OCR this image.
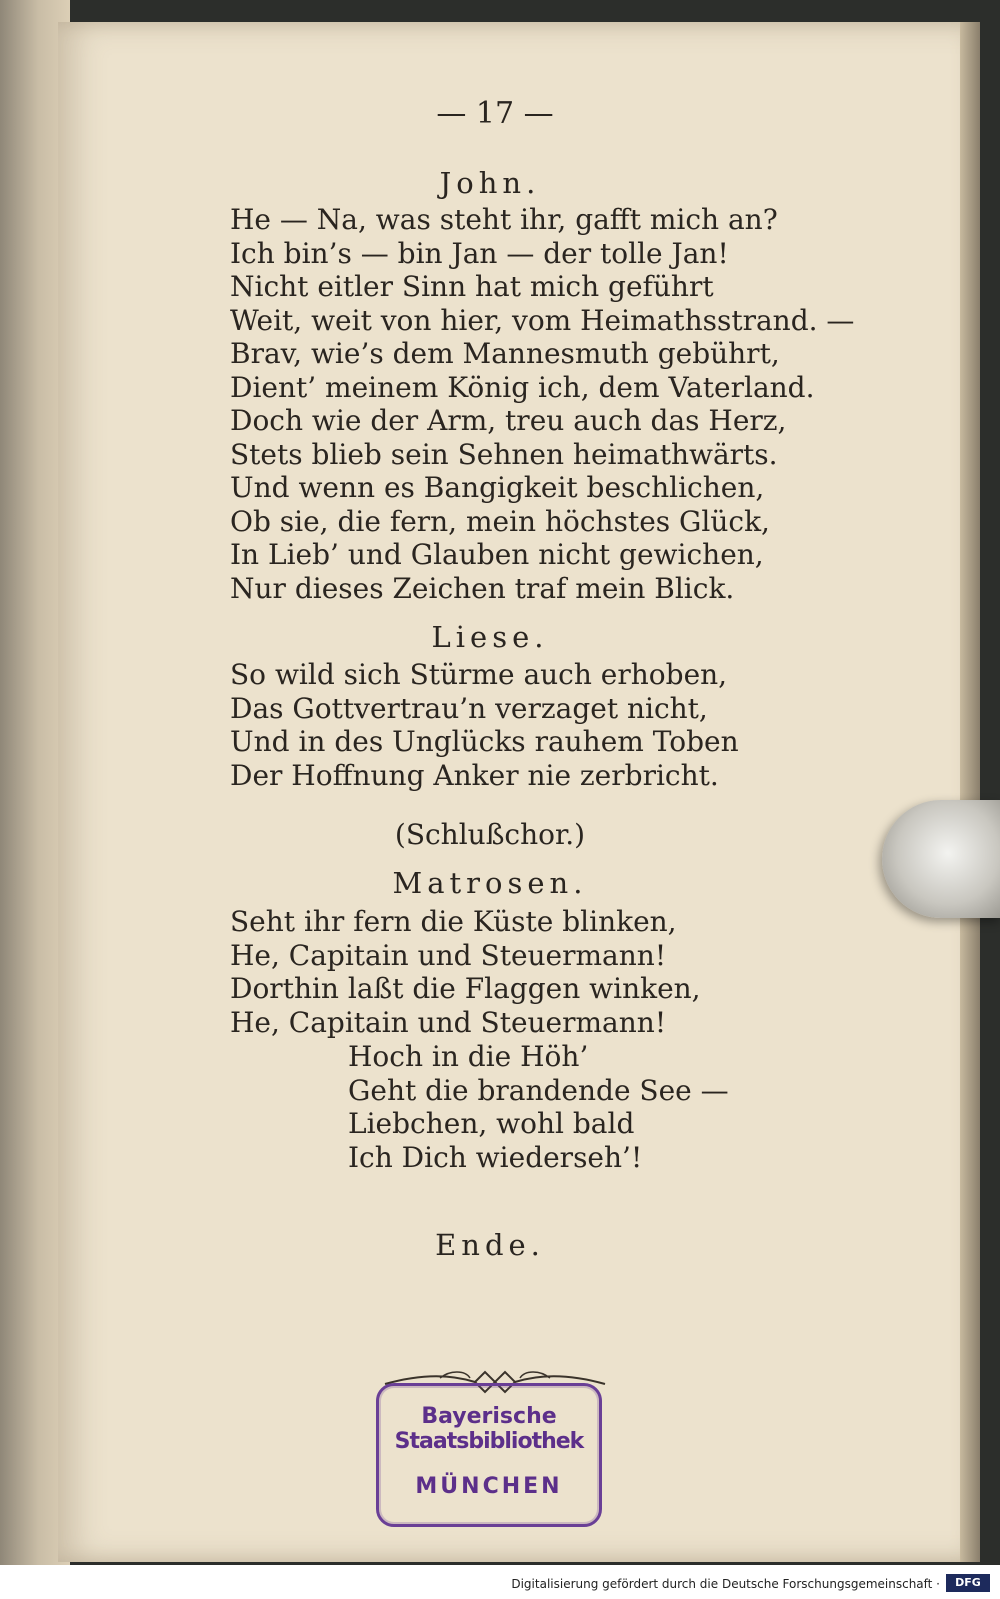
— 17 —
John.
He — Na, was steht ihr, gafft mich an?
Ich bin’s — bin Jan — der tolle Jan!
Nicht eitler Sinn hat mich geführt
Weit, weit von hier, vom Heimathsstrand. —
Brav, wie’s dem Mannesmuth gebührt,
Dient’ meinem König ich, dem Vaterland.
Doch wie der Arm, treu auch das Herz,
Stets blieb sein Sehnen heimathwärts.
Und wenn es Bangigkeit beschlichen,
Ob sie, die fern, mein höchstes Glück,
In Lieb’ und Glauben nicht gewichen,
Nur dieses Zeichen traf mein Blick.
Liese.
So wild sich Stürme auch erhoben,
Das Gottvertrau’n verzaget nicht,
Und in des Unglücks rauhem Toben
Der Hoffnung Anker nie zerbricht.
(Schlußchor.)
Matrosen.
Seht ihr fern die Küste blinken,
He, Capitain und Steuermann!
Dorthin laßt die Flaggen winken,
He, Capitain und Steuermann!
Hoch in die Höh’
Geht die brandende See —
Liebchen, wohl bald
Ich Dich wiederseh’!
Ende.
Bayerische
Staatsbibliothek
MÜNCHEN
Digitalisierung gefördert durch die Deutsche Forschungsgemeinschaft ·	DFG
